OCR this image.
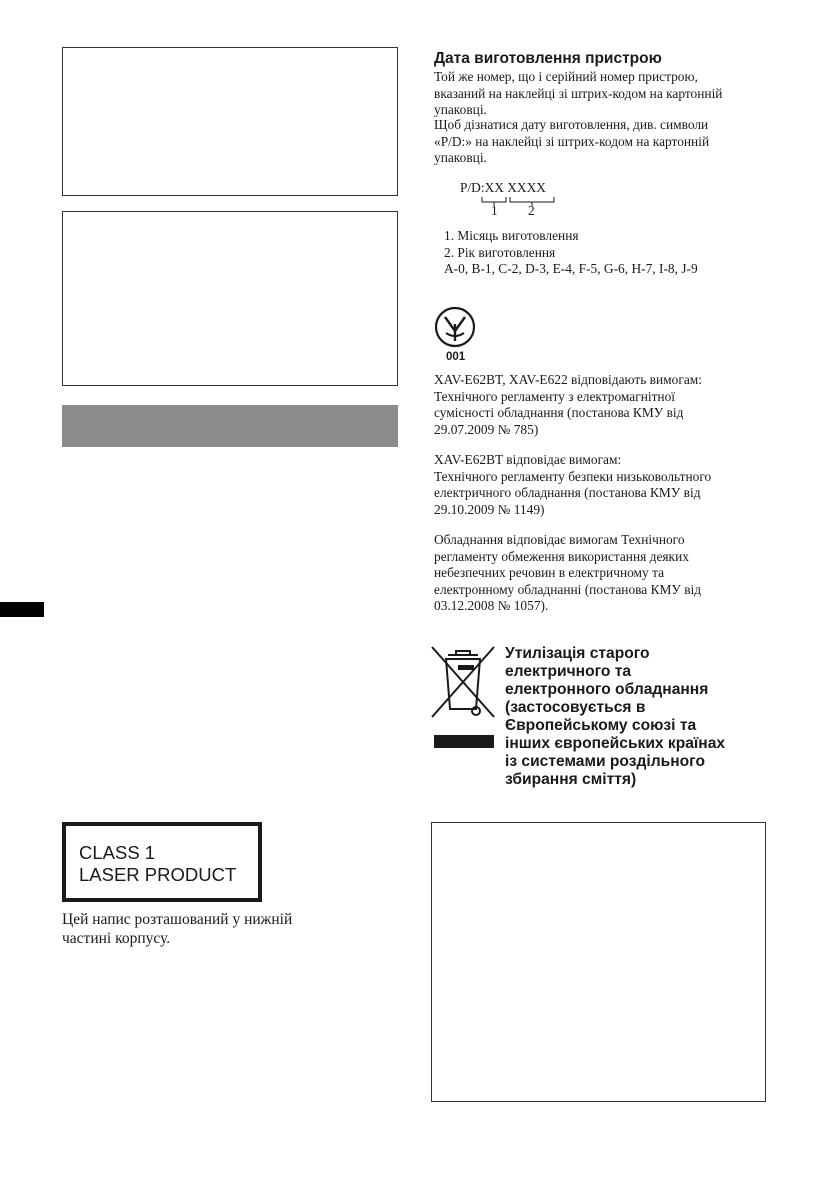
CLASS 1
LASER PRODUCT

Цей напис розташований у нижній
частині корпусу.

Дата виготовлення пристрою

Той же номер, що і серійний номер пристрою,
вказаний на наклейці зі штрих-кодом на картонній
упаковці.

Щоб дізнатися дату виготовлення, див. символи
«P/D:» на наклейці зі штрих-кодом на картонній
упаковці.

P/D:XX XXXX
1 2
1. Місяць виготовлення
2. Рік виготовлення
A-0, B-1, C-2, D-3, E-4, F-5, G-6, H-7, I-8, J-9
001

XAV-E62BT, XAV-E622 відповідають вимогам:
Технічного регламенту з електромагнітної
сумісності обладнання (постанова КМУ від
29.07.2009 № 785)

XAV-E62BT відповідає вимогам:
Технічного регламенту безпеки низьковольтного
електричного обладнання (постанова КМУ від
29.10.2009 № 1149)

Обладнання відповідає вимогам Технічного
регламенту обмеження використання деяких
небезпечних речовин в електричному та
електронному обладнанні (постанова КМУ від
03.12.2008 № 1057).

Утилізація старого
електричного та
електронного обладнання
(застосовується в
Європейському союзі та
інших європейських країнах
із системами роздільного
збирання сміття)
